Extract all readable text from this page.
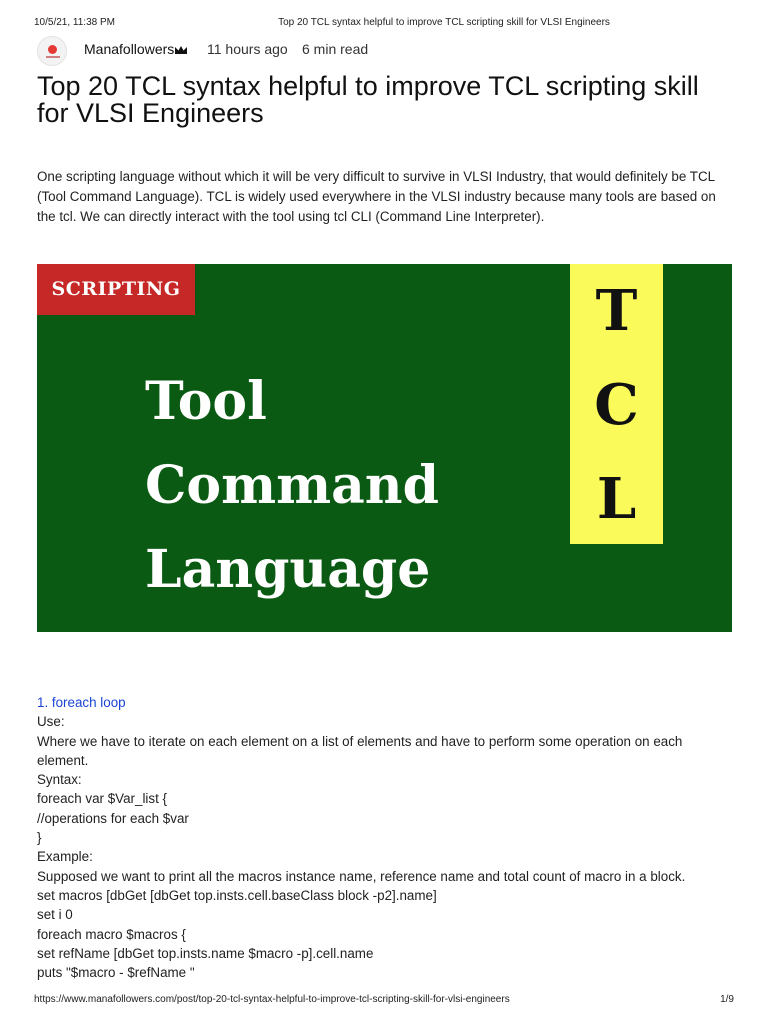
10/5/21, 11:38 PM	Top 20 TCL syntax helpful to improve TCL scripting skill for VLSI Engineers
Manafollowers 11 hours ago 6 min read
Top 20 TCL syntax helpful to improve TCL scripting skill for VLSI Engineers

One scripting language without which it will be very difficult to survive in VLSI Industry, that would definitely be TCL (Tool Command Language). TCL is widely used everywhere in the VLSI industry because many tools are based on the tcl. We can directly interact with the tool using tcl CLI (Command Line Interpreter).

SCRIPTING
Tool
Command
Language
T
C
L

1. foreach loop

Use:

Where we have to iterate on each element on a list of elements and have to perform some operation on each element.

Syntax:

foreach var $Var_list {

//operations for each $var

}

Example:

Supposed we want to print all the macros instance name, reference name and total count of macro in a block.

set macros [dbGet [dbGet top.insts.cell.baseClass block -p2].name]

set i 0

foreach macro $macros {

set refName [dbGet top.insts.name $macro -p].cell.name

puts "$macro - $refName "

https://www.manafollowers.com/post/top-20-tcl-syntax-helpful-to-improve-tcl-scripting-skill-for-vlsi-engineers	1/9
